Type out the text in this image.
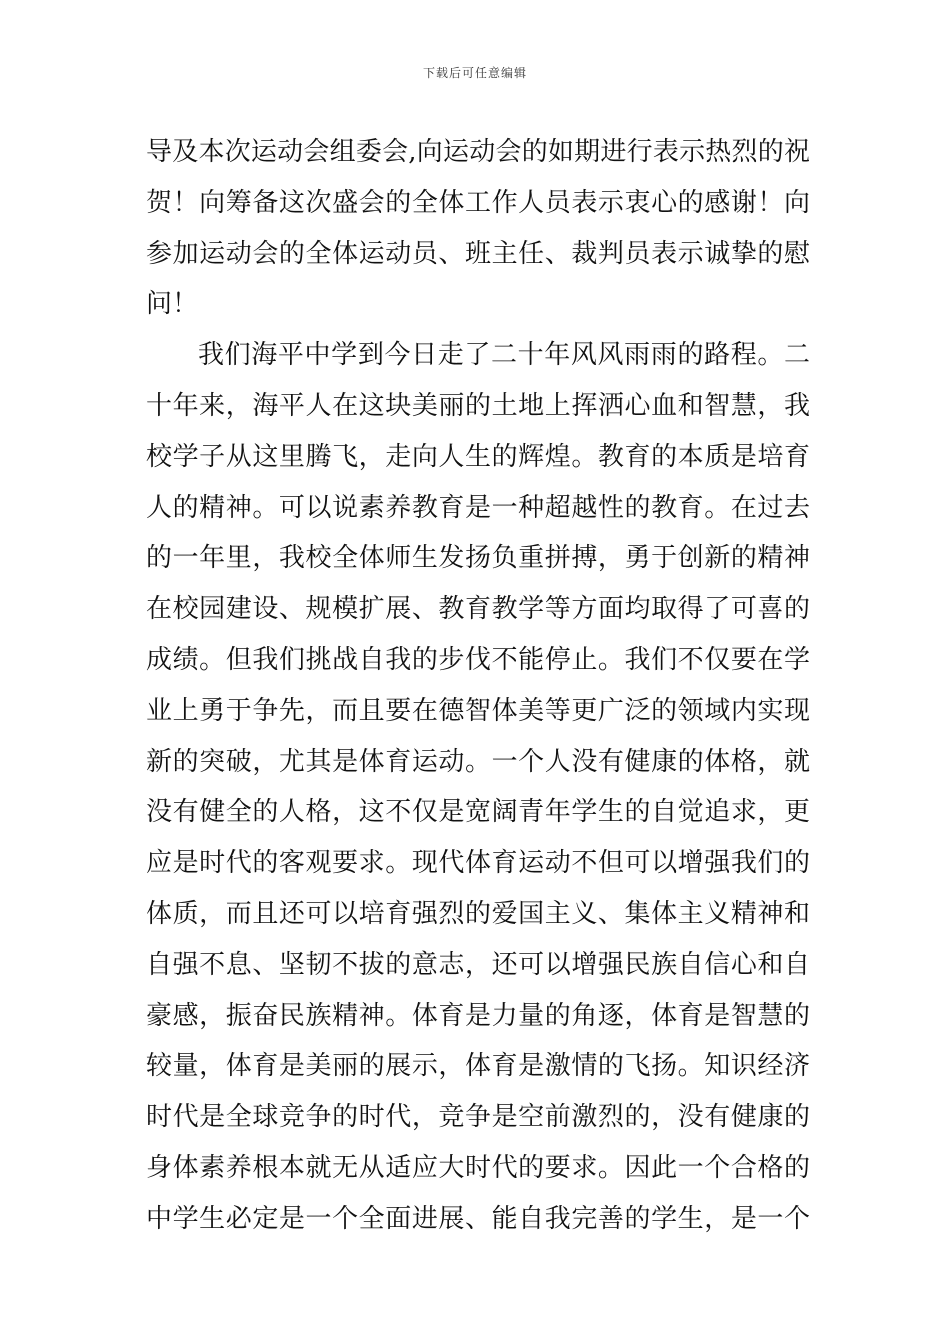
下载后可任意编辑
导及本次运动会组委会,向运动会的如期进行表示热烈的祝
贺！向筹备这次盛会的全体工作人员表示衷心的感谢！向
参加运动会的全体运动员、班主任、裁判员表示诚挚的慰
问！
我们海平中学到今日走了二十年风风雨雨的路程。二
十年来，海平人在这块美丽的土地上挥洒心血和智慧，我
校学子从这里腾飞，走向人生的辉煌。教育的本质是培育
人的精神。可以说素养教育是一种超越性的教育。在过去
的一年里，我校全体师生发扬负重拼搏，勇于创新的精神
在校园建设、规模扩展、教育教学等方面均取得了可喜的
成绩。但我们挑战自我的步伐不能停止。我们不仅要在学
业上勇于争先，而且要在德智体美等更广泛的领域内实现
新的突破，尤其是体育运动。一个人没有健康的体格，就
没有健全的人格，这不仅是宽阔青年学生的自觉追求，更
应是时代的客观要求。现代体育运动不但可以增强我们的
体质，而且还可以培育强烈的爱国主义、集体主义精神和
自强不息、坚韧不拔的意志，还可以增强民族自信心和自
豪感，振奋民族精神。体育是力量的角逐，体育是智慧的
较量，体育是美丽的展示，体育是激情的飞扬。知识经济
时代是全球竞争的时代，竞争是空前激烈的，没有健康的
身体素养根本就无从适应大时代的要求。因此一个合格的
中学生必定是一个全面进展、能自我完善的学生，是一个
